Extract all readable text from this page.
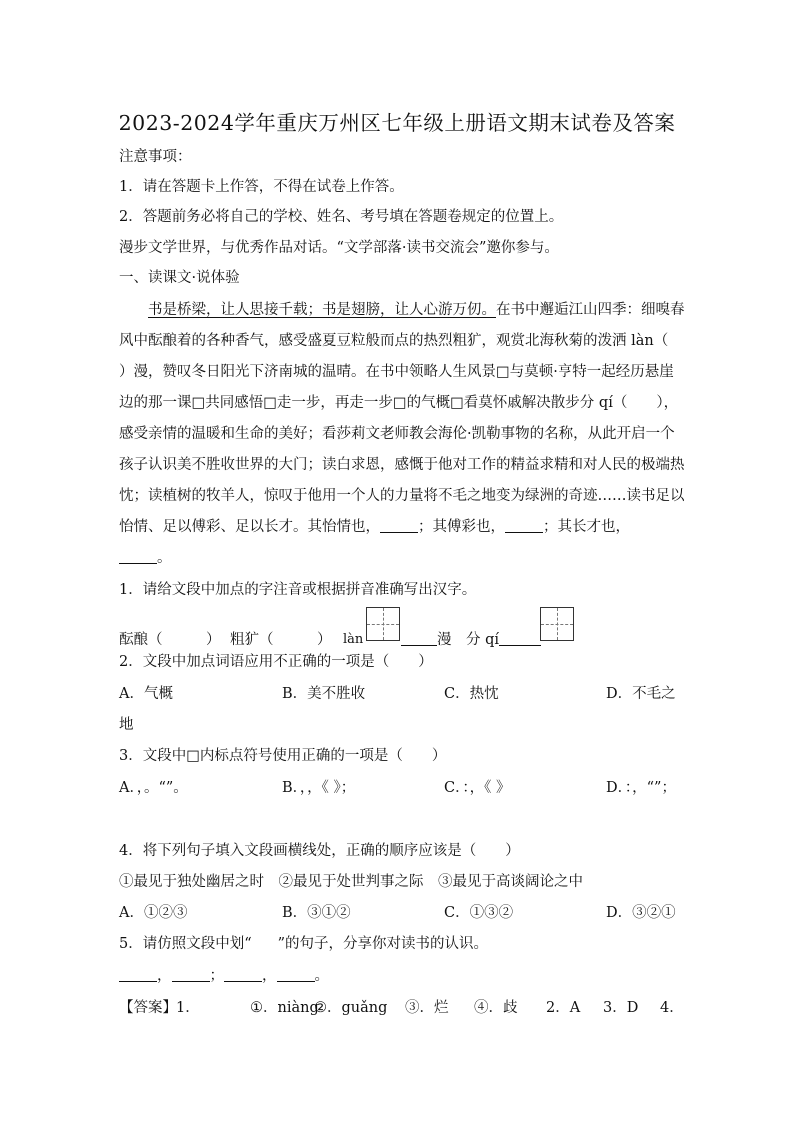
2023-2024学年重庆万州区七年级上册语文期末试卷及答案
注意事项：
1．请在答题卡上作答，不得在试卷上作答。
2．答题前务必将自己的学校、姓名、考号填在答题卷规定的位置上。
漫步文学世界，与优秀作品对话。“文学部落·读书交流会”邀你参与。
一、读课文·说体验
书是桥梁，让人思接千载；书是翅膀，让人心游万仞。在书中邂逅江山四季：细嗅春
风中酝酿着的各种香气，感受盛夏豆粒般而点的热烈粗犷，观赏北海秋菊的泼洒 làn（
）漫，赞叹冬日阳光下济南城的温晴。在书中领略人生风景□与莫顿·亨特一起经历悬崖
边的那一课□共同感悟□走一步，再走一步□的气概□看莫怀戚解决散步分 qí（　　），
感受亲情的温暖和生命的美好；看莎莉文老师教会海伦·凯勒事物的名称，从此开启一个
孩子认识美不胜收世界的大门；读白求恩，感慨于他对工作的精益求精和对人民的极端热
忱；读植树的牧羊人，惊叹于他用一个人的力量将不毛之地变为绿洲的奇迹……读书足以
怡情、足以傅彩、足以长才。其怡情也，	；其傅彩也，	；其长才也，
。
1．请给文段中加点的字注音或根据拼音准确写出汉字。
酝酿（　　　） 粗犷（　　　） làn	漫 分 qí
2．文段中加点词语应用不正确的一项是（　　）
A．气概	B．美不胜收	C．热忱	D．不毛之
地
3．文段中□内标点符号使用正确的一项是（　　）
A．，。“”。	B．，，《 》；	C．：，《 》	D．：，“”；
4．将下列句子填入文段画横线处，正确的顺序应该是（　　）
①最见于独处幽居之时　②最见于处世判事之际　③最见于高谈阔论之中
A．①②③	B．③①②	C．①③②	D．③②①
5．请仿照文段中划“ ”的句子，分享你对读书的认识。
，	；	，	。
【答案】 1．	①．niàng
②．guǎng ③．烂 ④．歧 2．A 3．D 4．
